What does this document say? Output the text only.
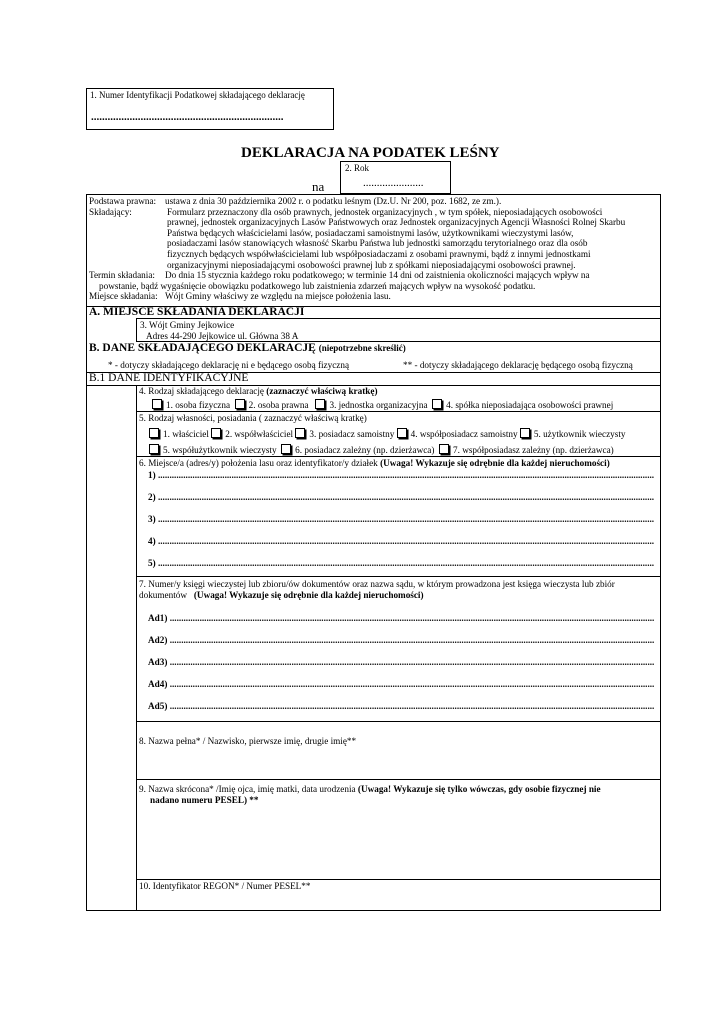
1. Numer Identyfikacji Podatkowej składającego deklarację
......................................................................
DEKLARACJA NA PODATEK LEŚNY
2. Rok
......................
na
Podstawa prawna: ustawa z dnia 30 października 2002 r. o podatku leśnym (Dz.U. Nr 200, poz. 1682, ze zm.).
Składający:	Formularz przeznaczony dla osób prawnych, jednostek organizacyjnych , w tym spółek, nieposiadających osobowości
prawnej, jednostek organizacyjnych Lasów Państwowych oraz Jednostek organizacyjnych Agencji Własności Rolnej Skarbu
Państwa będących właścicielami lasów, posiadaczami samoistnymi lasów, użytkownikami wieczystymi lasów,
posiadaczami lasów stanowiących własność Skarbu Państwa lub jednostki samorządu terytorialnego oraz dla osób
fizycznych będących współwłaścicielami lub współposiadaczami z osobami prawnymi, bądź z innymi jednostkami
organizacyjnymi nieposiadającymi osobowości prawnej lub z spółkami nieposiadającymi osobowości prawnej.
Termin składania: Do dnia 15 stycznia każdego roku podatkowego; w terminie 14 dni od zaistnienia okoliczności mających wpływ na
powstanie, bądź wygaśnięcie obowiązku podatkowego lub zaistnienia zdarzeń mających wpływ na wysokość podatku.
Miejsce składania: Wójt Gminy właściwy ze względu na miejsce położenia lasu.
A. MIEJSCE SKŁADANIA DEKLARACJI
3. Wójt Gminy Jejkowice
Adres 44-290 Jejkowice ul. Główna 38 A
B. DANE SKŁADAJĄCEGO DEKLARACJĘ (niepotrzebne skreślić)
* - dotyczy składającego deklarację ni e będącego osobą fizyczną	** - dotyczy składającego deklarację będącego osobą fizyczną
B.1 DANE IDENTYFIKACYJNE
4. Rodzaj składającego deklarację (zaznaczyć właściwą kratkę)
1. osoba fizyczna 2. osoba prawna 3. jednostka organizacyjna 4. spółka nieposiadająca osobowości prawnej
5. Rodzaj własności, posiadania ( zaznaczyć właściwą kratkę)
1. właściciel 2. współwłaściciel 3. posiadacz samoistny 4. współposiadacz samoistny 5. użytkownik wieczysty
5. współużytkownik wieczysty 6. posiadacz zależny (np. dzierżawca) 7. współposiadasz zależny (np. dzierżawca)
6. Miejsce/a (adres/y) położenia lasu oraz identyfikator/y działek (Uwaga! Wykazuje się odrębnie dla każdej nieruchomości)
1) .....
2) .....
3) .....
4) .....
5) .....
7. Numer/y księgi wieczystej lub zbioru/ów dokumentów oraz nazwa sądu, w którym prowadzona jest księga wieczysta lub zbiór
dokumentów (Uwaga! Wykazuje się odrębnie dla każdej nieruchomości)
Ad1) .....
Ad2) .....
Ad3) .....
Ad4) .....
Ad5) .....
8. Nazwa pełna* / Nazwisko, pierwsze imię, drugie imię**
9. Nazwa skrócona* /Imię ojca, imię matki, data urodzenia (Uwaga! Wykazuje się tylko wówczas, gdy osobie fizycznej nie
nadano numeru PESEL) **
10. Identyfikator REGON* / Numer PESEL**
